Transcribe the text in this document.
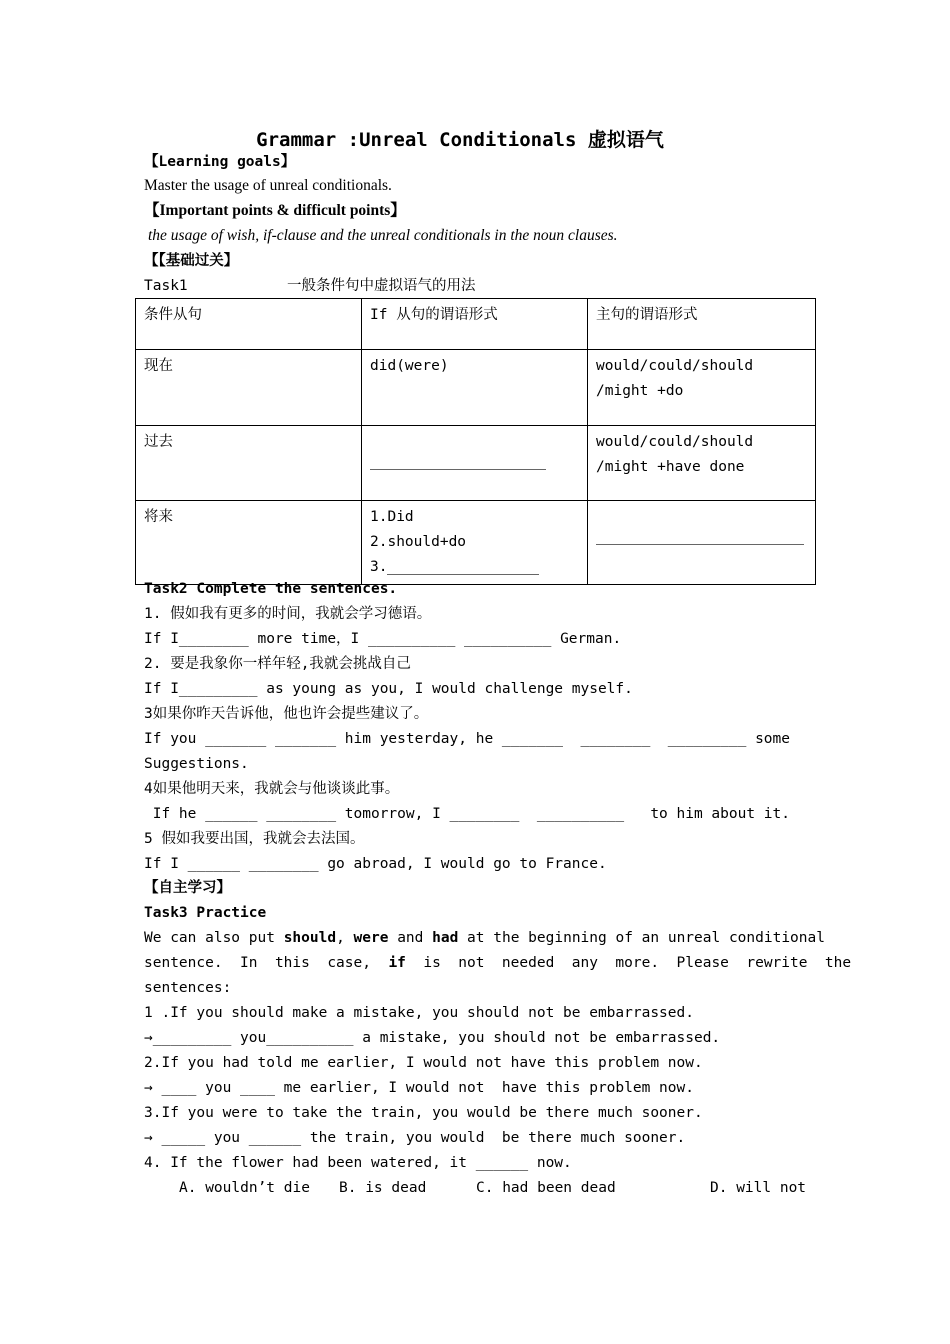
Grammar :Unreal Conditionals 虚拟语气
【Learning goals】
Master the usage of unreal conditionals.
【Important points & difficult points】
the usage of wish, if-clause and the unreal conditionals in the noun clauses.
【【基础过关】
Task1	一般条件句中虚拟语气的用法
条件从句	If 从句的谓语形式	主句的谓语形式
现在	did(were)	would/could/should
/might +do

过去		would/could/should
/might +have done

将来	1.Did
2.should+do
3.	

Task2 Complete the sentences.
1. 假如我有更多的时间，我就会学习德语。
If I________ more time，I __________ __________ German.
2. 要是我象你一样年轻,我就会挑战自己
If I_________ as young as you, I would challenge myself.
3如果你昨天告诉他，他也许会提些建议了。
If you _______ _______ him yesterday, he _______  ________  _________ some
Suggestions.
4如果他明天来，我就会与他谈谈此事。
If he ______ ________ tomorrow, I ________  __________   to him about it.
5 假如我要出国，我就会去法国。
If I ______ ________ go abroad, I would go to France.
【自主学习】
Task3 Practice
We can also put should, were and had at the beginning of an unreal conditional
sentence.  In  this  case,  if  is  not  needed  any  more.  Please  rewrite  the
sentences:
1 .If you should make a mistake, you should not be embarrassed.
→_________ you__________ a mistake, you should not be embarrassed.
2.If you had told me earlier, I would not have this problem now.
→ ____ you ____ me earlier, I would not  have this problem now.
3.If you were to take the train, you would be there much sooner.
→ _____ you ______ the train, you would  be there much sooner.
4. If the flower had been watered, it ______ now.
A. wouldn’t die B. is dead	C. had been dead	D. will not
